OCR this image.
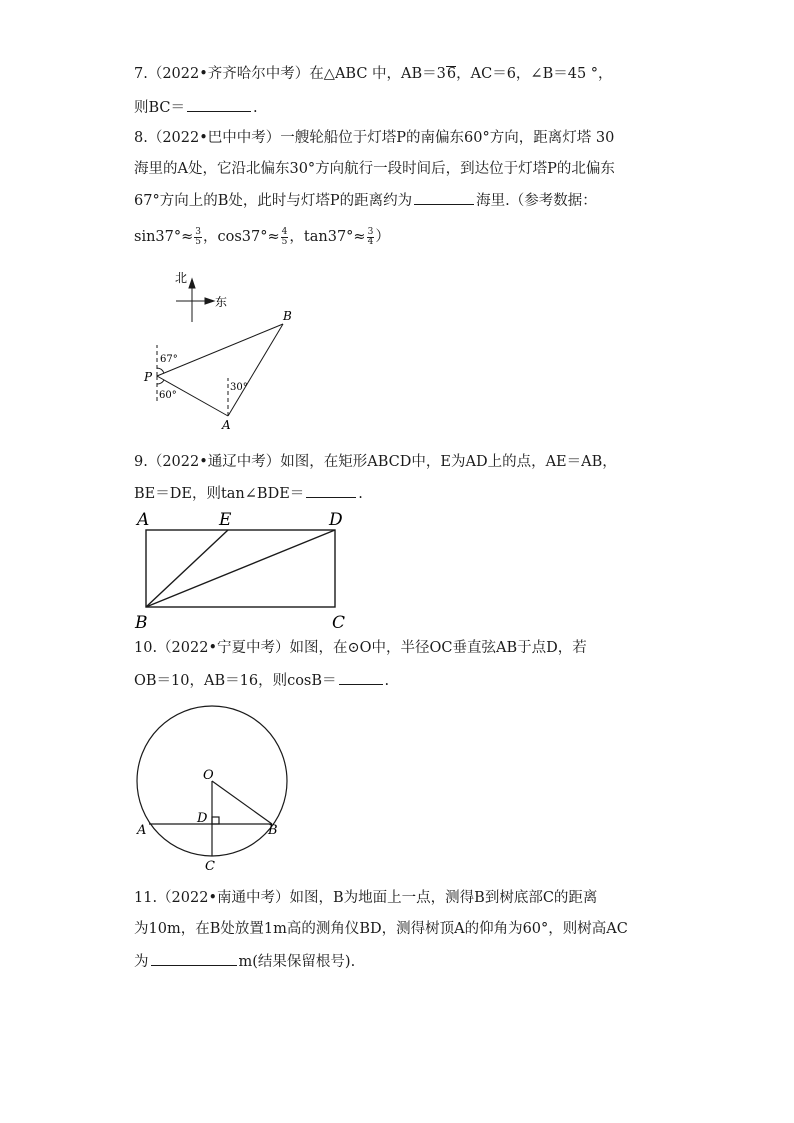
7.（2022•齐齐哈尔中考）在△ABC 中，AB＝36，AC＝6，∠B＝45 °，
则BC＝	.
8.（2022•巴中中考）一艘轮船位于灯塔P的南偏东60°方向，距离灯塔 30
海里的A处，它沿北偏东30°方向航行一段时间后，到达位于灯塔P的北偏东
67°方向上的B处，此时与灯塔P的距离约为	海里.（参考数据：
$\sin 37^\circ\approx \frac{3}{5}$ ，$\cos 37^\circ\approx \frac{4}{5}$ ，$\tan 37^\circ\approx \frac{3}{4}$ ）
北
东
P
A
B
67°
60°
30°
9.（2022•通辽中考）如图，在矩形ABCD中，E为AD上的点，AE＝AB，
BE＝DE，则tan∠BDE＝	.
A	E	D
B	C
10.（2022•宁夏中考）如图，在⊙O中，半径OC垂直弦AB于点D，若
OB＝10，AB＝16，则cosB＝	.
O
D
A	B
C
11.（2022•南通中考）如图，B为地面上一点，测得B到树底部C的距离
为10m，在B处放置1m高的测角仪BD，测得树顶A的仰角为60°，则树高AC
为	m(结果保留根号).
